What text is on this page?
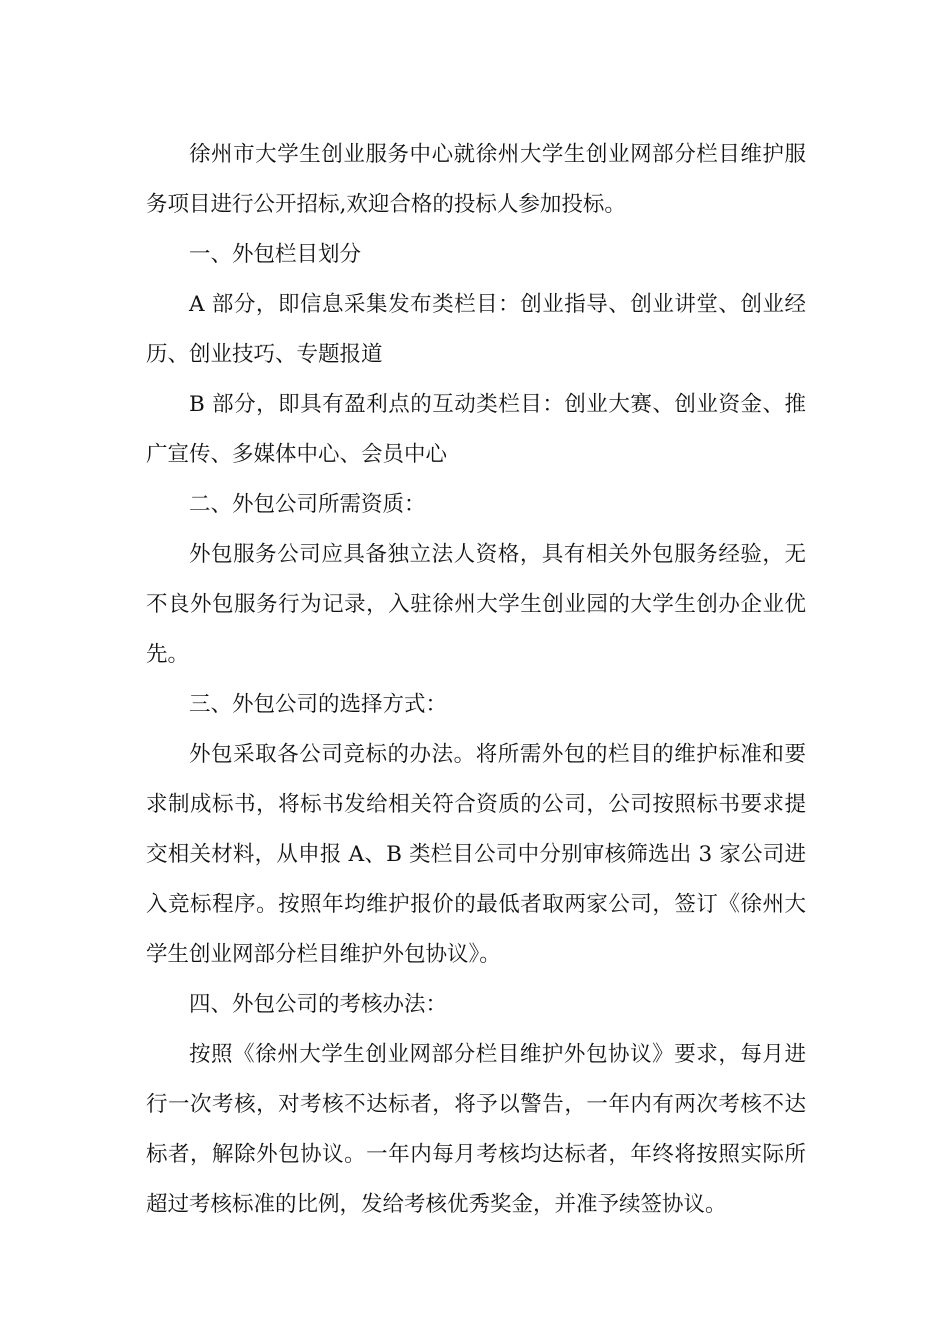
徐州市大学生创业服务中心就徐州大学生创业网部分栏目维护服务项目进行公开招标,欢迎合格的投标人参加投标。

一、外包栏目划分

A 部分，即信息采集发布类栏目：创业指导、创业讲堂、创业经历、创业技巧、专题报道

B 部分，即具有盈利点的互动类栏目：创业大赛、创业资金、推广宣传、多媒体中心、会员中心

二、外包公司所需资质：

外包服务公司应具备独立法人资格，具有相关外包服务经验，无不良外包服务行为记录，入驻徐州大学生创业园的大学生创办企业优先。

三、外包公司的选择方式：

外包采取各公司竞标的办法。将所需外包的栏目的维护标准和要求制成标书，将标书发给相关符合资质的公司，公司按照标书要求提交相关材料，从申报 A、B 类栏目公司中分别审核筛选出 3 家公司进入竞标程序。按照年均维护报价的最低者取两家公司，签订《徐州大学生创业网部分栏目维护外包协议》。

四、外包公司的考核办法：

按照《徐州大学生创业网部分栏目维护外包协议》要求，每月进行一次考核，对考核不达标者，将予以警告，一年内有两次考核不达标者，解除外包协议。一年内每月考核均达标者，年终将按照实际所超过考核标准的比例，发给考核优秀奖金，并准予续签协议。
